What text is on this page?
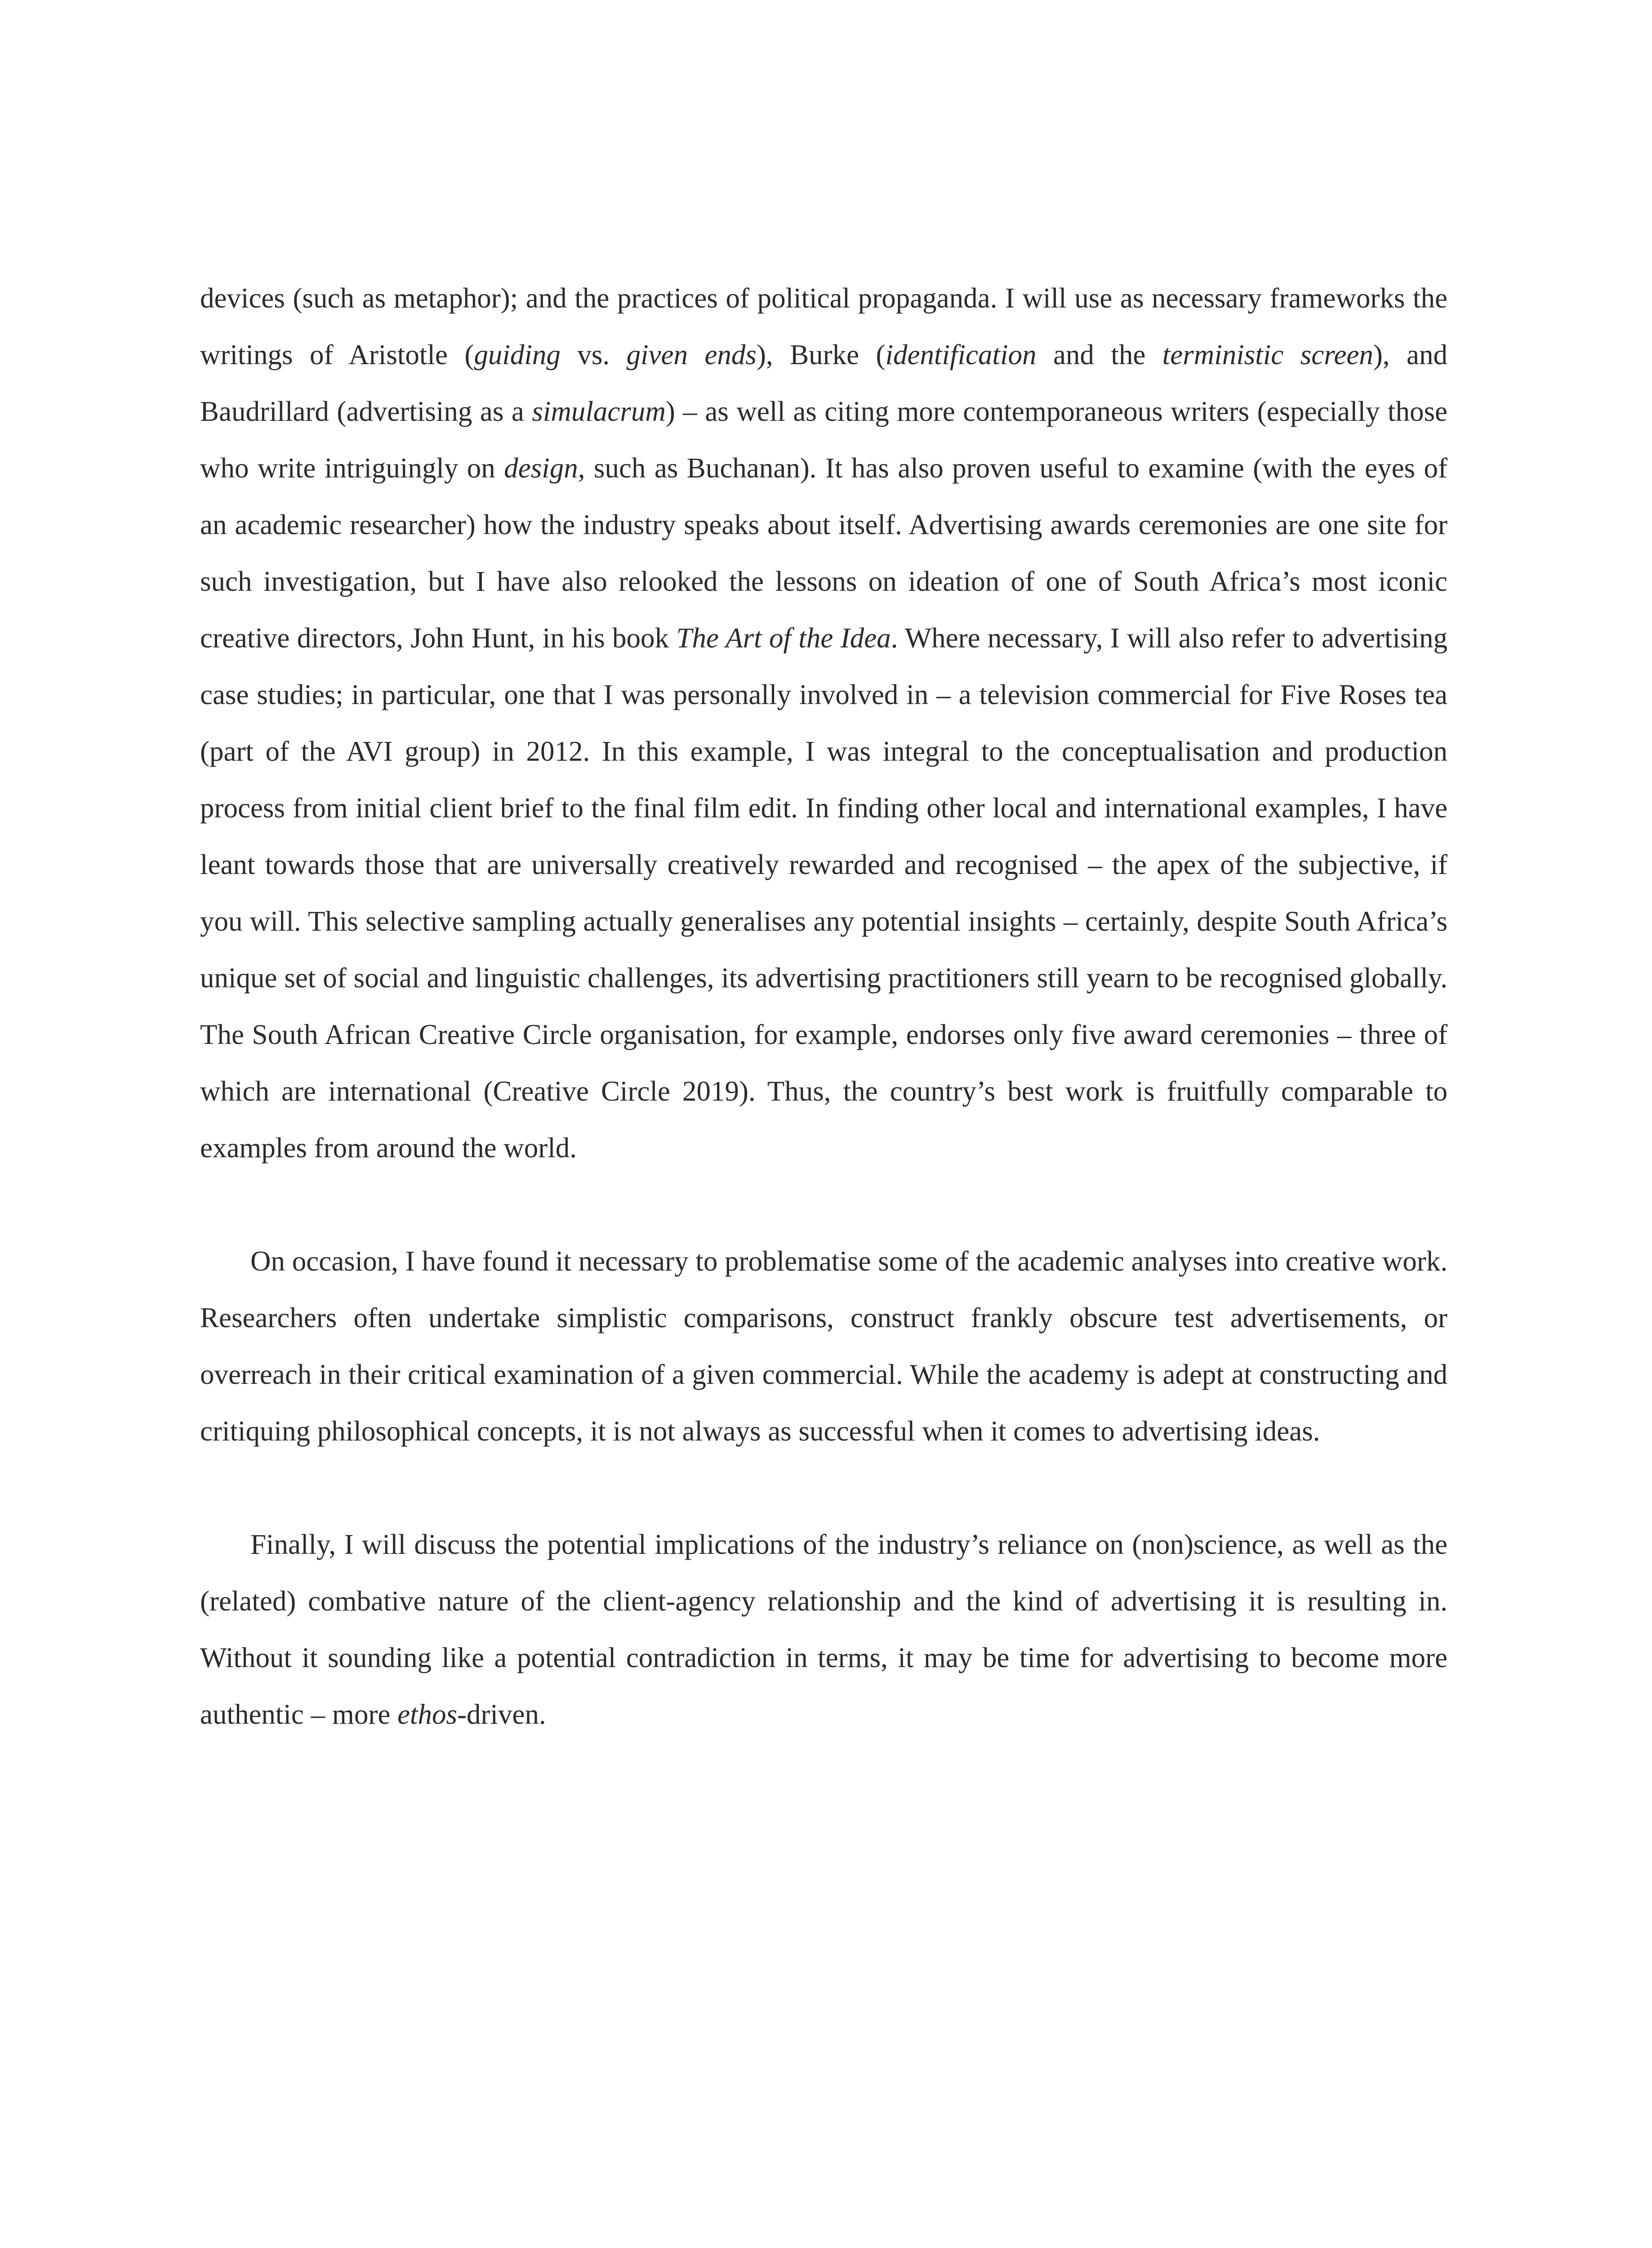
devices (such as metaphor); and the practices of political propaganda. I will use as necessary frameworks the writings of Aristotle (guiding vs. given ends), Burke (identification and the terministic screen), and Baudrillard (advertising as a simulacrum) – as well as citing more contemporaneous writers (especially those who write intriguingly on design, such as Buchanan). It has also proven useful to examine (with the eyes of an academic researcher) how the industry speaks about itself. Advertising awards ceremonies are one site for such investigation, but I have also relooked the lessons on ideation of one of South Africa’s most iconic creative directors, John Hunt, in his book The Art of the Idea. Where necessary, I will also refer to advertising case studies; in particular, one that I was personally involved in – a television commercial for Five Roses tea (part of the AVI group) in 2012. In this example, I was integral to the conceptualisation and production process from initial client brief to the final film edit. In finding other local and international examples, I have leant towards those that are universally creatively rewarded and recognised – the apex of the subjective, if you will. This selective sampling actually generalises any potential insights – certainly, despite South Africa’s unique set of social and linguistic challenges, its advertising practitioners still yearn to be recognised globally. The South African Creative Circle organisation, for example, endorses only five award ceremonies – three of which are international (Creative Circle 2019). Thus, the country’s best work is fruitfully comparable to examples from around the world.

On occasion, I have found it necessary to problematise some of the academic analyses into creative work. Researchers often undertake simplistic comparisons, construct frankly obscure test advertisements, or overreach in their critical examination of a given commercial. While the academy is adept at constructing and critiquing philosophical concepts, it is not always as successful when it comes to advertising ideas.

Finally, I will discuss the potential implications of the industry’s reliance on (non)science, as well as the (related) combative nature of the client-agency relationship and the kind of advertising it is resulting in. Without it sounding like a potential contradiction in terms, it may be time for advertising to become more authentic – more ethos-driven.
